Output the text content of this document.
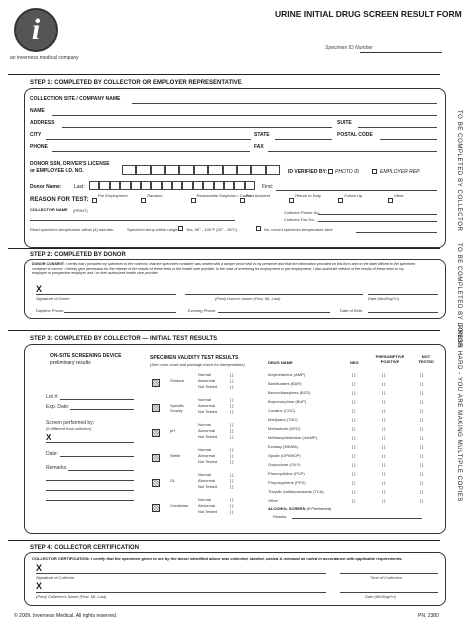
i
an inverness medical company
URINE INITIAL DRUG SCREEN RESULT FORM
Specimen ID Number
STEP 1: COMPLETED BY COLLECTOR OR EMPLOYER REPRESENTATIVE
TO BE COMPLETED BY COLLECTOR
COLLECTION SITE / COMPANY NAME
NAME
ADDRESS	SUITE
CITY	STATE	POSTAL CODE
PHONE	FAX
DONOR SSN, DRIVER'S LICENSE
or EMPLOYEE I.D. NO.	ID VERIFIED BY: PHOTO ID	EMPLOYER REP.
Donor Name:	Last:	First:
REASON FOR TEST:
Pre Employment	Random	Reasonable Suspicion / Cause
Post Accident	Return to Duty	Follow Up	Other
COLLECTOR NAME (PRINT)	Collector Phone No.
Collector Fax No.
Read specimen temperature within (4) minutes.	Specimen temp within range: Yes, 90° - 100°F (32° - 38°C)	No, record specimen temperature here
STEP 2: COMPLETED BY DONOR	TO BE COMPLETED BY DONOR
DONOR CONSENT: I certify that I provided my specimen to the collector, that the specimen container was sealed with a tamper proof seal in my presence and that the information provided on this form and on the label affixed to the specimen container is correct. I hereby give permission for the release of the results of these tests to the health care provider. In the case of screening for employment or pre-employment, I also authorize release of the results of these tests to my employer or prospective employer and / or their authorized health care provider.
X
Signature of Donor	(Print) Donor's Name (First, MI, Last)	Date (Mo/Day/Yr)
Daytime Phone:	Evening Phone:	Date of Birth:
STEP 3: COMPLETED BY COLLECTOR — INITIAL TEST RESULTS	PRESS HARD - YOU ARE MAKING MULTIPLE COPIES
ON-SITE SCREENING DEVICE
preliminary results
Lot #:
Exp. Date:
Screen performed by:
(If different than collector)
X
Date:
Remarks:
SPECIMEN VALIDITY TEST RESULTS
(See color chart and package insert for interpretation)
Oxidant
Normal	[ ]
Abnormal	[ ]
Not Tested	[ ]
Specific Gravity
Normal	[ ]
Abnormal	[ ]
Not Tested	[ ]
pH
Normal	[ ]
Abnormal	[ ]
Not Tested	[ ]
Nitrite
Normal	[ ]
Abnormal	[ ]
Not Tested	[ ]
GL
Normal	[ ]
Abnormal	[ ]
Not Tested	[ ]
Creatinine
Normal	[ ]
Abnormal	[ ]
Not Tested	[ ]
DRUG NAME	NEG
PRESUMPTIVE POSITIVE
NOT TESTED
Amphetamine (AMP)	[ ]	[ ]	[ ]
Barbiturates (BAR)	[ ]	[ ]	[ ]
Benzodiazepines (BZO)	[ ]	[ ]	[ ]
Buprenorphine (BUP)	[ ]	[ ]	[ ]
Cocaine (COC)	[ ]	[ ]	[ ]
Marijuana (THC)	[ ]	[ ]	[ ]
Methadone (MTD)	[ ]	[ ]	[ ]
Methamphetamine (mAMP)	[ ]	[ ]	[ ]
Ecstasy (MDMA)	[ ]	[ ]	[ ]
Opiate (OPI/MOP)	[ ]	[ ]	[ ]
Oxycodone (OXY)	[ ]	[ ]	[ ]
Phencyclidine (PCP)	[ ]	[ ]	[ ]
Propoxyphene (PPX)	[ ]	[ ]	[ ]
Tricyclic Antidepressants (TCA)	[ ]	[ ]	[ ]
Other	[ ]	[ ]	[ ]
ALCOHOL SCREEN (If Performed)
Results
STEP 4: COLLECTOR CERTIFICATION
COLLECTOR CERTIFICATION: I certify that the specimen given to me by the donor identified above was collected, labeled, sealed & released as noted in accordance with applicable requirements.
X
Signature of Collector	Time of Collection
X
(Print) Collector's Name (First, MI, Last)	Date (Mo/Day/Yr)
© 2009. Inverness Medical. All rights reserved.	PN: 2380
